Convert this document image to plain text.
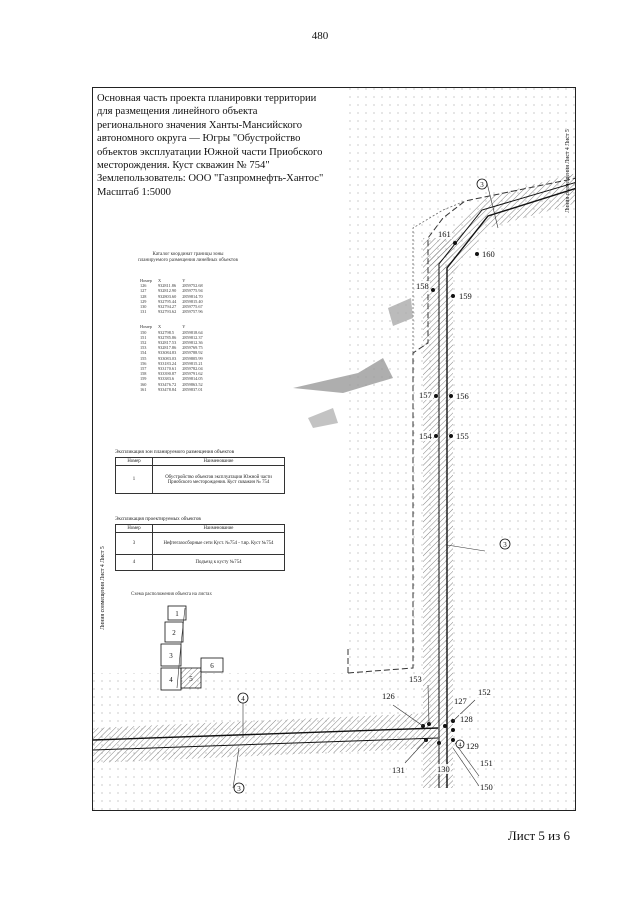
480
3
3
3
4
4
1
2
3
4 5
6
Основная часть проекта планировки территории
для размещения линейного объекта
регионального значения Ханты-Мансийского
автономного округа — Югры "Обустройство
объектов эксплуатации Южной части Приобского
месторождения. Куст скважин № 754"
Землепользователь: ООО "Газпромнефть-Хантос"
Масштаб 1:5000
Каталог координат границы зоны
планируемого размещения линейных объектов
Номер	X	Y
126	932811.86	2859752.68
127	932812.90	2859775.94
128	932803.60	2859814.70
129	932795.44	2859815.40
130	932794.27	2859775.67
131	932793.62	2859757.96
Номер	X	Y
150	932798.5	2859818.64
151	932785.86	2859812.37
152	932817.53	2859812.36
153	932817.86	2859769.75
154	933084.83	2859788.92
155	933083.03	2859805.99
156	933183.24	2859815.21
157	933170.61	2859782.04
158	933390.87	2859791.62
159	933383.6	2859814.05
160	933476.72	2859863.52
161	933478.84	2859837.01
Экспликация зон планируемого размещения объектов
Номер	Наименование
1	Обустройство объектов эксплуатации Южной части Приобского месторождения. Куст скважин № 754
Экспликация проектируемых объектов
Номер	Наименование
3	Нефтегазосборные сети Куст. №754 - т.вр. Куст №754
4	Подъезд к кусту №754
Схема расположения объекта на листах
Линия совмещения Лист 4 Лист 5
Линия совмещения Лист 4 Лист 5
161
160
158
159
157	156
154	155
153
152
126	127
128
129
131	130
151
150
Лист 5 из 6
